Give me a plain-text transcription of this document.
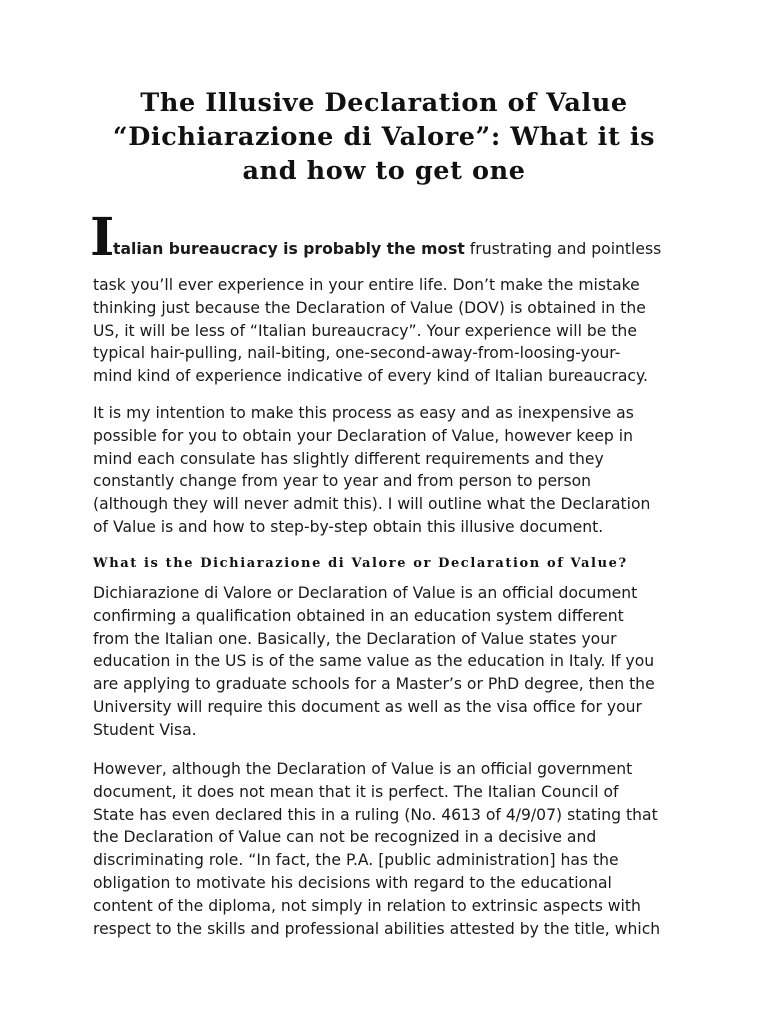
The Illusive Declaration of Value
“Dichiarazione di Valore”: What it is
and how to get one
I
talian bureaucracy is probably the most frustrating and pointless

task you’ll ever experience in your entire life. Don’t make the mistake
thinking just because the Declaration of Value (DOV) is obtained in the
US, it will be less of “Italian bureaucracy”. Your experience will be the
typical hair-pulling, nail-biting, one-second-away-from-loosing-your-
mind kind of experience indicative of every kind of Italian bureaucracy.

It is my intention to make this process as easy and as inexpensive as
possible for you to obtain your Declaration of Value, however keep in
mind each consulate has slightly different requirements and they
constantly change from year to year and from person to person
(although they will never admit this). I will outline what the Declaration
of Value is and how to step-by-step obtain this illusive document.

What is the Dichiarazione di Valore or Declaration of Value?

Dichiarazione di Valore or Declaration of Value is an official document
confirming a qualification obtained in an education system different
from the Italian one. Basically, the Declaration of Value states your
education in the US is of the same value as the education in Italy. If you
are applying to graduate schools for a Master’s or PhD degree, then the
University will require this document as well as the visa office for your
Student Visa.

However, although the Declaration of Value is an official government
document, it does not mean that it is perfect. The Italian Council of
State has even declared this in a ruling (No. 4613 of 4/9/07) stating that
the Declaration of Value can not be recognized in a decisive and
discriminating role. “In fact, the P.A. [public administration] has the
obligation to motivate his decisions with regard to the educational
content of the diploma, not simply in relation to extrinsic aspects with
respect to the skills and professional abilities attested by the title, which
